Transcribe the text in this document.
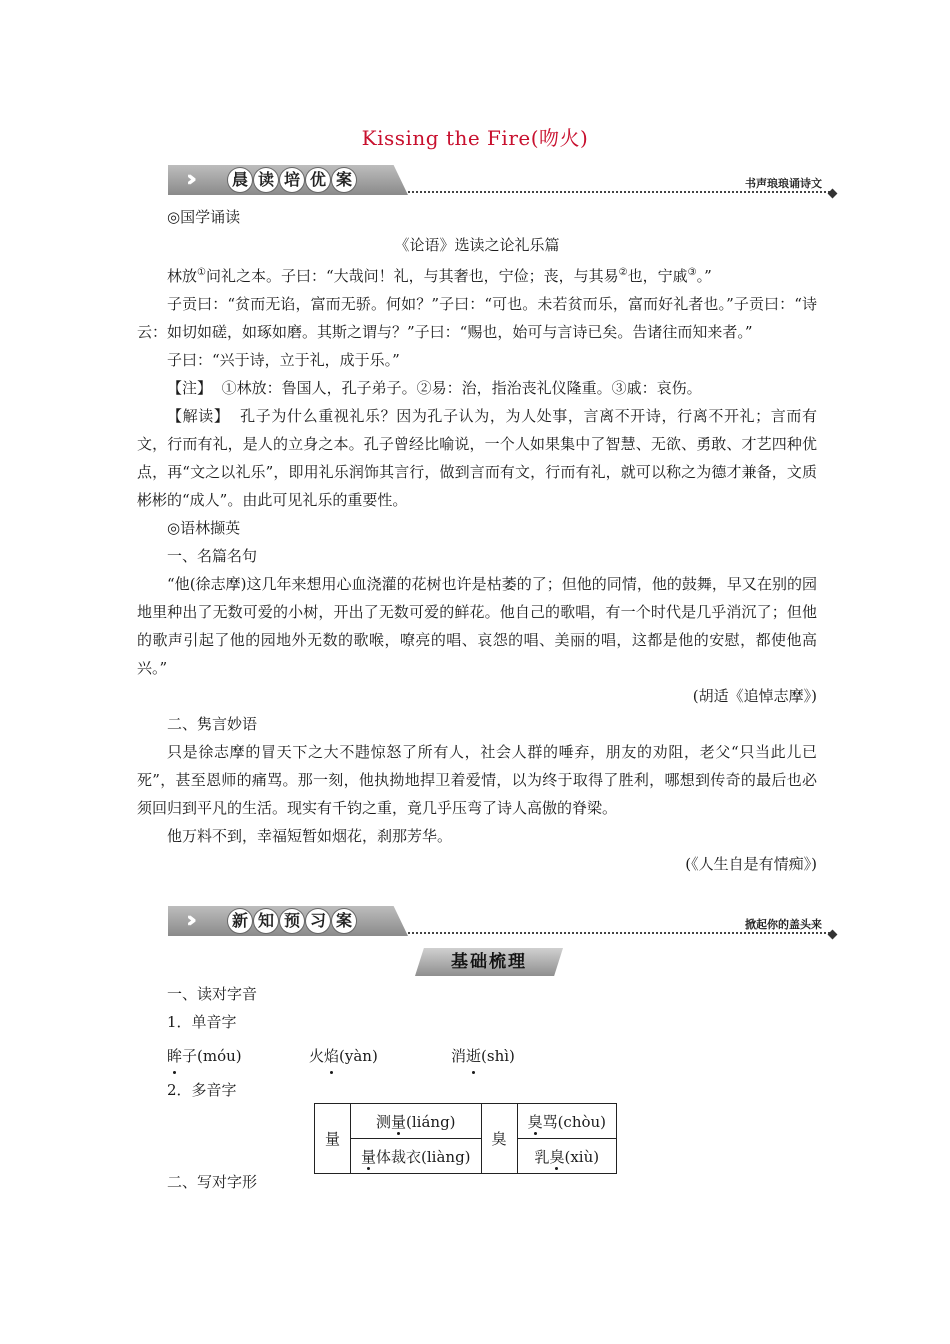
Kissing the Fire(吻火)
›››	晨 读 培 优 案	书声琅琅诵诗文
◎国学诵读
《论语》选读之论礼乐篇

林放①问礼之本。子曰：“大哉问！礼，与其奢也，宁俭；丧，与其易②也，宁戚③。”

子贡曰：“贫而无谄，富而无骄。何如？”子曰：“可也。未若贫而乐，富而好礼者也。”子贡曰：“诗云：如切如磋，如琢如磨。其斯之谓与？”子曰：“赐也，始可与言诗已矣。告诸往而知来者。”

子曰：“兴于诗，立于礼，成于乐。”

【注】 ①林放：鲁国人，孔子弟子。②易：治，指治丧礼仪隆重。③戚：哀伤。

【解读】 孔子为什么重视礼乐？因为孔子认为，为人处事，言离不开诗，行离不开礼；言而有文，行而有礼，是人的立身之本。孔子曾经比喻说，一个人如果集中了智慧、无欲、勇敢、才艺四种优点，再“文之以礼乐”，即用礼乐润饰其言行，做到言而有文，行而有礼，就可以称之为德才兼备，文质彬彬的“成人”。由此可见礼乐的重要性。

◎语林撷英
一、名篇名句

“他(徐志摩)这几年来想用心血浇灌的花树也许是枯萎的了；但他的同情，他的鼓舞，早又在别的园地里种出了无数可爱的小树，开出了无数可爱的鲜花。他自己的歌唱，有一个时代是几乎消沉了；但他的歌声引起了他的园地外无数的歌喉，嘹亮的唱、哀怨的唱、美丽的唱，这都是他的安慰，都使他高兴。”

(胡适《追悼志摩》)
二、隽言妙语

只是徐志摩的冒天下之大不韪惊怒了所有人，社会人群的唾弃，朋友的劝阻，老父“只当此儿已死”，甚至恩师的痛骂。那一刻，他执拗地捍卫着爱情，以为终于取得了胜利，哪想到传奇的最后也必须回归到平凡的生活。现实有千钧之重，竟几乎压弯了诗人高傲的脊梁。

他万料不到，幸福短暂如烟花，刹那芳华。

(《人生自是有情痴》)
›››	新 知 预 习 案	掀起你的盖头来
基础梳理
一、读对字音
1．单音字
眸子(móu)	火焰(yàn)	消逝(shì)
2．多音字
量	测量(liáng)	臭	臭骂(chòu)
	量体裁衣(liàng)		乳臭(xiù)
二、写对字形
